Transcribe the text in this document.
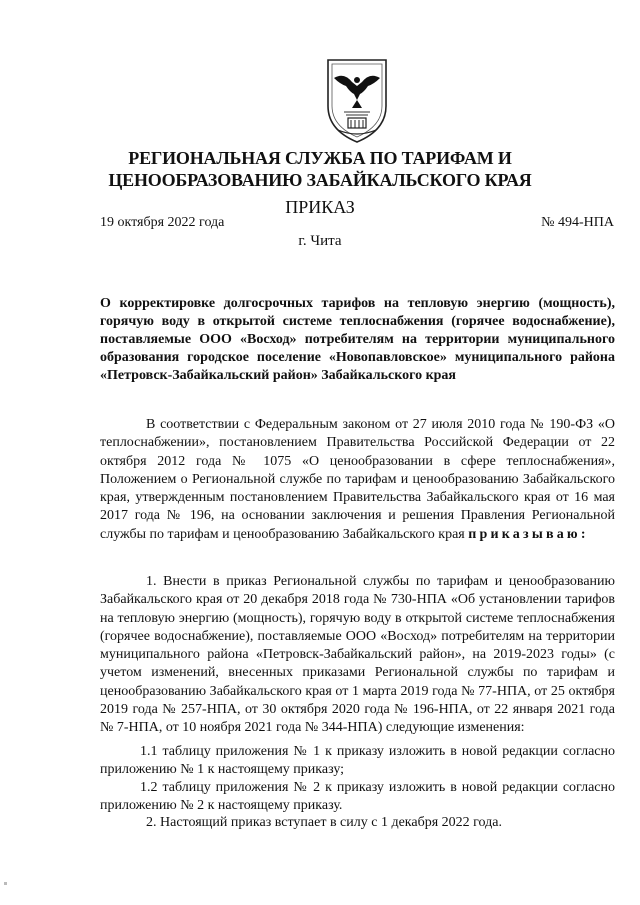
РЕГИОНАЛЬНАЯ СЛУЖБА ПО ТАРИФАМ И
ЦЕНООБРАЗОВАНИЮ ЗАБАЙКАЛЬСКОГО КРАЯ
ПРИКАЗ
19 октября 2022 года	№ 494-НПА
г. Чита
О корректировке долгосрочных тарифов на тепловую энергию (мощность), горячую воду в открытой системе теплоснабжения (горячее водоснабжение), поставляемые ООО «Восход» потребителям на территории муниципального образования городское поселение «Новопавловское» муниципального района «Петровск-Забайкальский район» Забайкальского края
В соответствии с Федеральным законом от 27 июля 2010 года № 190-ФЗ «О теплоснабжении», постановлением Правительства Российской Федерации от 22 октября 2012 года № 1075 «О ценообразовании в сфере теплоснабжения», Положением о Региональной службе по тарифам и ценообразованию Забайкальского края, утвержденным постановлением Правительства Забайкальского края от 16 мая 2017 года № 196, на основании заключения и решения Правления Региональной службы по тарифам и ценообразованию Забайкальского края приказываю:
1. Внести в приказ Региональной службы по тарифам и ценообразованию Забайкальского края от 20 декабря 2018 года № 730-НПА «Об установлении тарифов на тепловую энергию (мощность), горячую воду в открытой системе теплоснабжения (горячее водоснабжение), поставляемые ООО «Восход» потребителям на территории муниципального района «Петровск-Забайкальский район», на 2019-2023 годы» (с учетом изменений, внесенных приказами Региональной службы по тарифам и ценообразованию Забайкальского края от 1 марта 2019 года № 77-НПА, от 25 октября 2019 года № 257-НПА, от 30 октября 2020 года № 196-НПА, от 22 января 2021 года № 7-НПА, от 10 ноября 2021 года № 344-НПА) следующие изменения:
1.1 таблицу приложения № 1 к приказу изложить в новой редакции согласно приложению № 1 к настоящему приказу;
1.2 таблицу приложения № 2 к приказу изложить в новой редакции согласно приложению № 2 к настоящему приказу.
2. Настоящий приказ вступает в силу с 1 декабря 2022 года.
